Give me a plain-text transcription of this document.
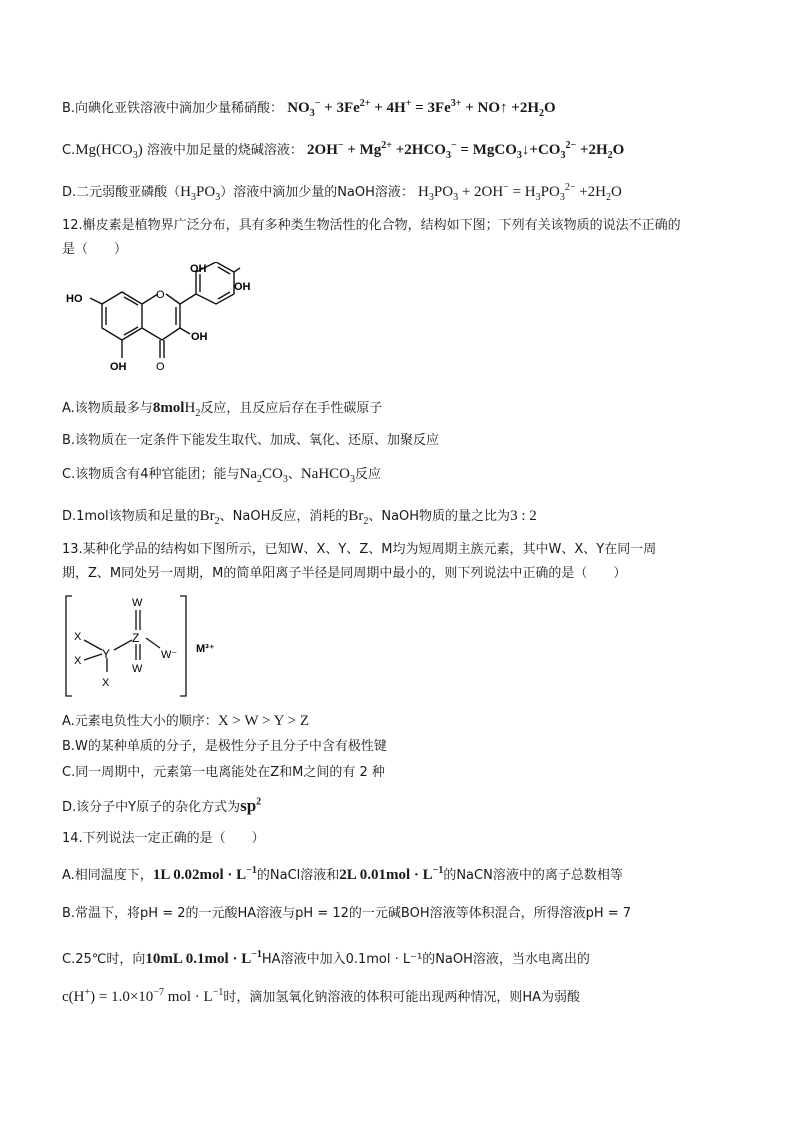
B.向碘化亚铁溶液中滴加少量稀硝酸： $NO_3^- + 3Fe^{2+} + 4H^+ = 3Fe^{3+}$ + NO↑ $+2H_2O$
$C.Mg(HCO_3)$ 溶液中加足量的烧碱溶液： $2OH^- + Mg^{2+} +2HCO_3^-$ = $MgCO_3↓+CO_3^{2-} +2H_2O$
D.二元弱酸亚磷酸$(H_3PO_3)$溶液中滴加少量的NaOH溶液： $H_3PO_3 + 2OH^- = H_3PO_3^{2-} +2H_2O$
12.槲皮素是植物界广泛分布，具有多种类生物活性的化合物，结构如下图；下列有关该物质的说法不正确的
是（　　）
O
O
OH
OH
HO
OH
OH
A.该物质最多与8molH$_2$反应，且反应后存在手性碳原子
B.该物质在一定条件下能发生取代、加成、氧化、还原、加聚反应
C.该物质含有4种官能团；能与$Na_2CO_3$、NaHCO$_3$反应
D.1mol该物质和足量的$Br_2$、NaOH反应，消耗的$Br_2$、NaOH物质的量之比为3 : 2
13.某种化学品的结构如下图所示，已知W、X、Y、Z、M均为短周期主族元素，其中W、X、Y在同一周
期，Z、M同处另一周期，M的简单阳离子半径是同周期中最小的，则下列说法中正确的是（　　）
W
Z
W
W⁻
X
X Y
X
M³⁺
A.元素电负性大小的顺序：X > W > Y > Z
B.W的某种单质的分子，是极性分子且分子中含有极性键
C.同一周期中，元素第一电离能处在Z和M之间的有 2 种
D.该分子中Y原子的杂化方式为$sp^2$
14.下列说法一定正确的是（　　）
A.相同温度下，1L $0.02mol \cdot L^{-1}$的NaCl溶液和2L $0.01mol \cdot L^{-1}$的NaCN溶液中的离子总数相等
B.常温下，将pH = 2的一元酸HA溶液与pH = 12的一元碱BOH溶液等体积混合，所得溶液pH = 7
C.25℃时，向10mL $0.1mol \cdot L^{-1}HA$溶液中加入0.1mol · L⁻¹的NaOH溶液，当水电离出的
$c(H^+) = 1.0\times 10^{-7}$ mol · $L^{-1}$时，滴加氢氧化钠溶液的体积可能出现两种情况，则HA为弱酸
